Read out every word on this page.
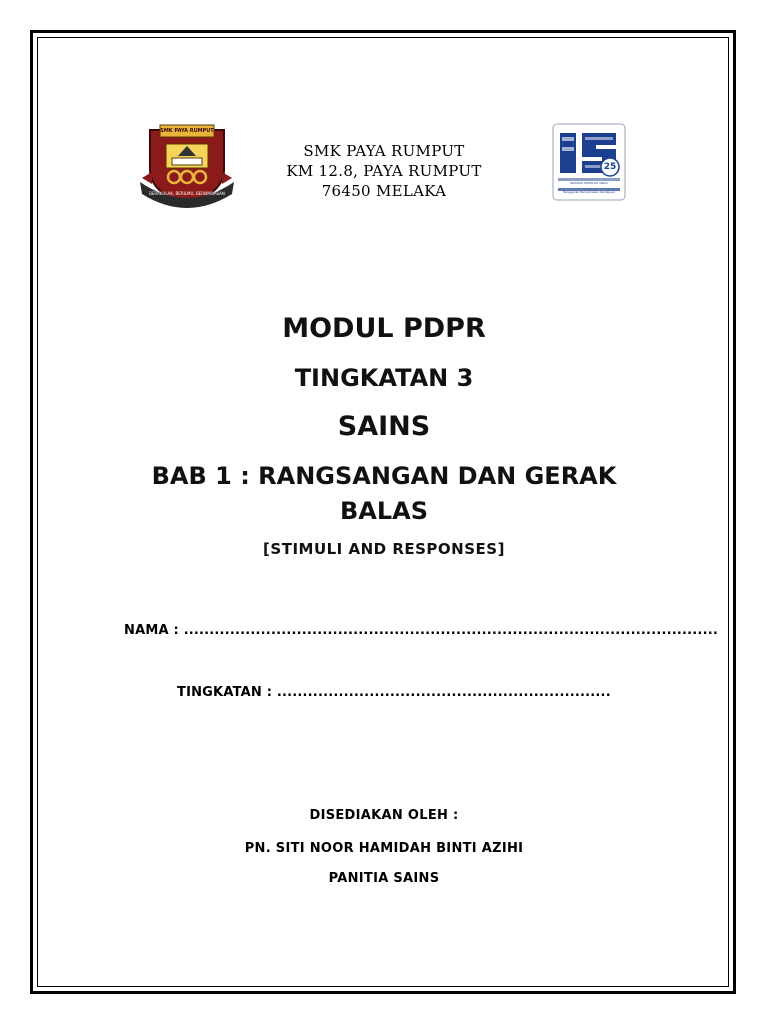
SMK PAYA RUMPUT
BERAKHLAK, BERILMU, BERWAWASAN
SMK PAYA RUMPUT
KM 12.8, PAYA RUMPUT
76450 MELAKA
25
IRAMATA SEKOLAH ANDA
Penggerak Pemeriksaan Kemajuan
MODUL PDPR
TINGKATAN 3
SAINS
BAB 1 : RANGSANGAN DAN GERAK
BALAS
[STIMULI AND RESPONSES]
NAMA : ........................................................................................................
TINGKATAN : .................................................................
DISEDIAKAN OLEH :
PN. SITI NOOR HAMIDAH BINTI AZIHI
PANITIA SAINS
